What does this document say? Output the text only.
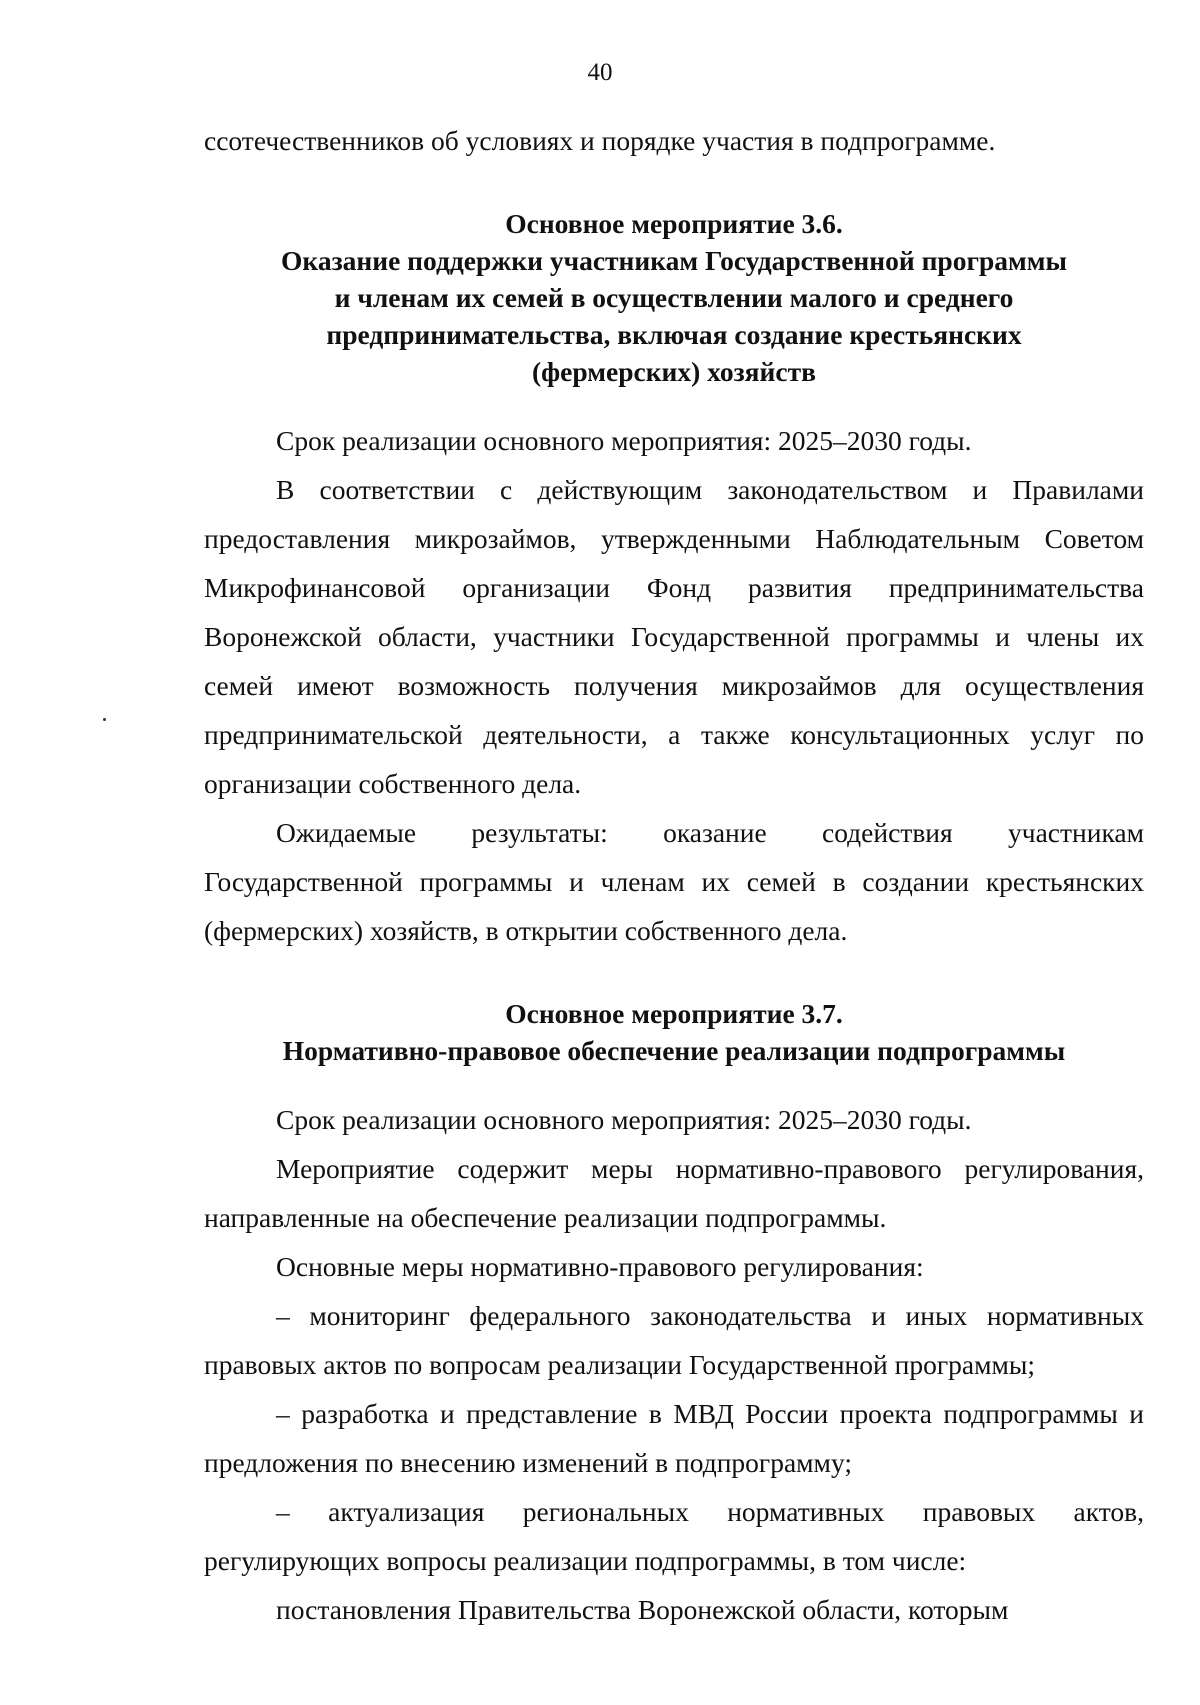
40

ссотечественников об условиях и порядке участия в подпрограмме.

Основное мероприятие 3.6.
Оказание поддержки участникам Государственной программы
и членам их семей в осуществлении малого и среднего
предпринимательства, включая создание крестьянских
(фермерских) хозяйств

Срок реализации основного мероприятия: 2025–2030 годы.

В соответствии с действующим законодательством и Правилами предоставления микрозаймов, утвержденными Наблюдательным Советом Микрофинансовой организации Фонд развития предпринимательства Воронежской области, участники Государственной программы и члены их семей имеют возможность получения микрозаймов для осуществления предпринимательской деятельности, а также консультационных услуг по организации собственного дела.

Ожидаемые результаты: оказание содействия участникам Государственной программы и членам их семей в создании крестьянских (фермерских) хозяйств, в открытии собственного дела.

Основное мероприятие 3.7.
Нормативно-правовое обеспечение реализации подпрограммы

Срок реализации основного мероприятия: 2025–2030 годы.

Мероприятие содержит меры нормативно-правового регулирования, направленные на обеспечение реализации подпрограммы.

Основные меры нормативно-правового регулирования:

– мониторинг федерального законодательства и иных нормативных правовых актов по вопросам реализации Государственной программы;

– разработка и представление в МВД России проекта подпрограммы и предложения по внесению изменений в подпрограмму;

– актуализация региональных нормативных правовых актов, регулирующих вопросы реализации подпрограммы, в том числе:

постановления Правительства Воронежской области, которым
